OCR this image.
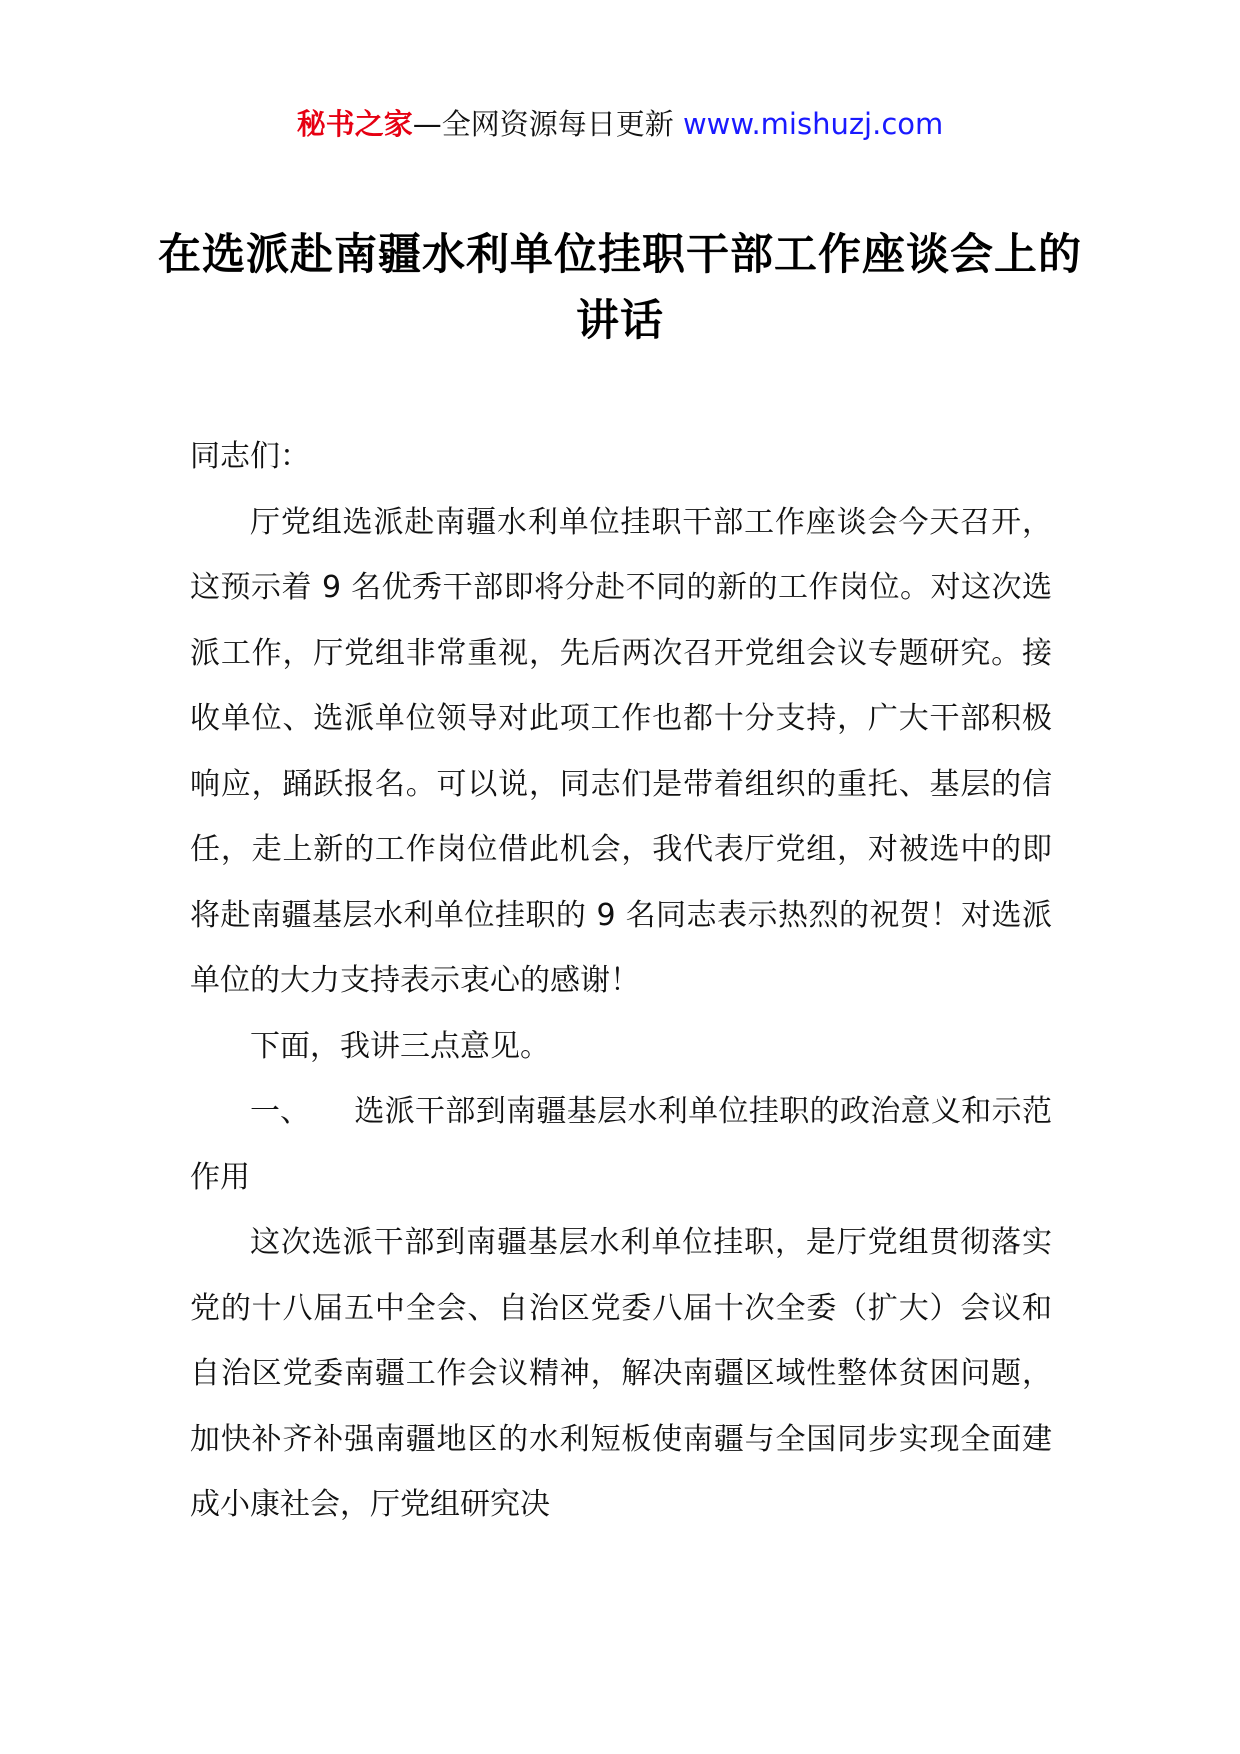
秘书之家—全网资源每日更新 www.mishuzj.com
在选派赴南疆水利单位挂职干部工作座谈会上的讲话

同志们：

厅党组选派赴南疆水利单位挂职干部工作座谈会今天召开，这预示着 9 名优秀干部即将分赴不同的新的工作岗位。对这次选派工作，厅党组非常重视，先后两次召开党组会议专题研究。接收单位、选派单位领导对此项工作也都十分支持，广大干部积极响应，踊跃报名。可以说，同志们是带着组织的重托、基层的信任，走上新的工作岗位借此机会，我代表厅党组，对被选中的即将赴南疆基层水利单位挂职的 9 名同志表示热烈的祝贺！对选派单位的大力支持表示衷心的感谢！

下面，我讲三点意见。

一、 选派干部到南疆基层水利单位挂职的政治意义和示范作用

这次选派干部到南疆基层水利单位挂职，是厅党组贯彻落实党的十八届五中全会、自治区党委八届十次全委（扩大）会议和自治区党委南疆工作会议精神，解决南疆区域性整体贫困问题，加快补齐补强南疆地区的水利短板使南疆与全国同步实现全面建成小康社会，厅党组研究决
